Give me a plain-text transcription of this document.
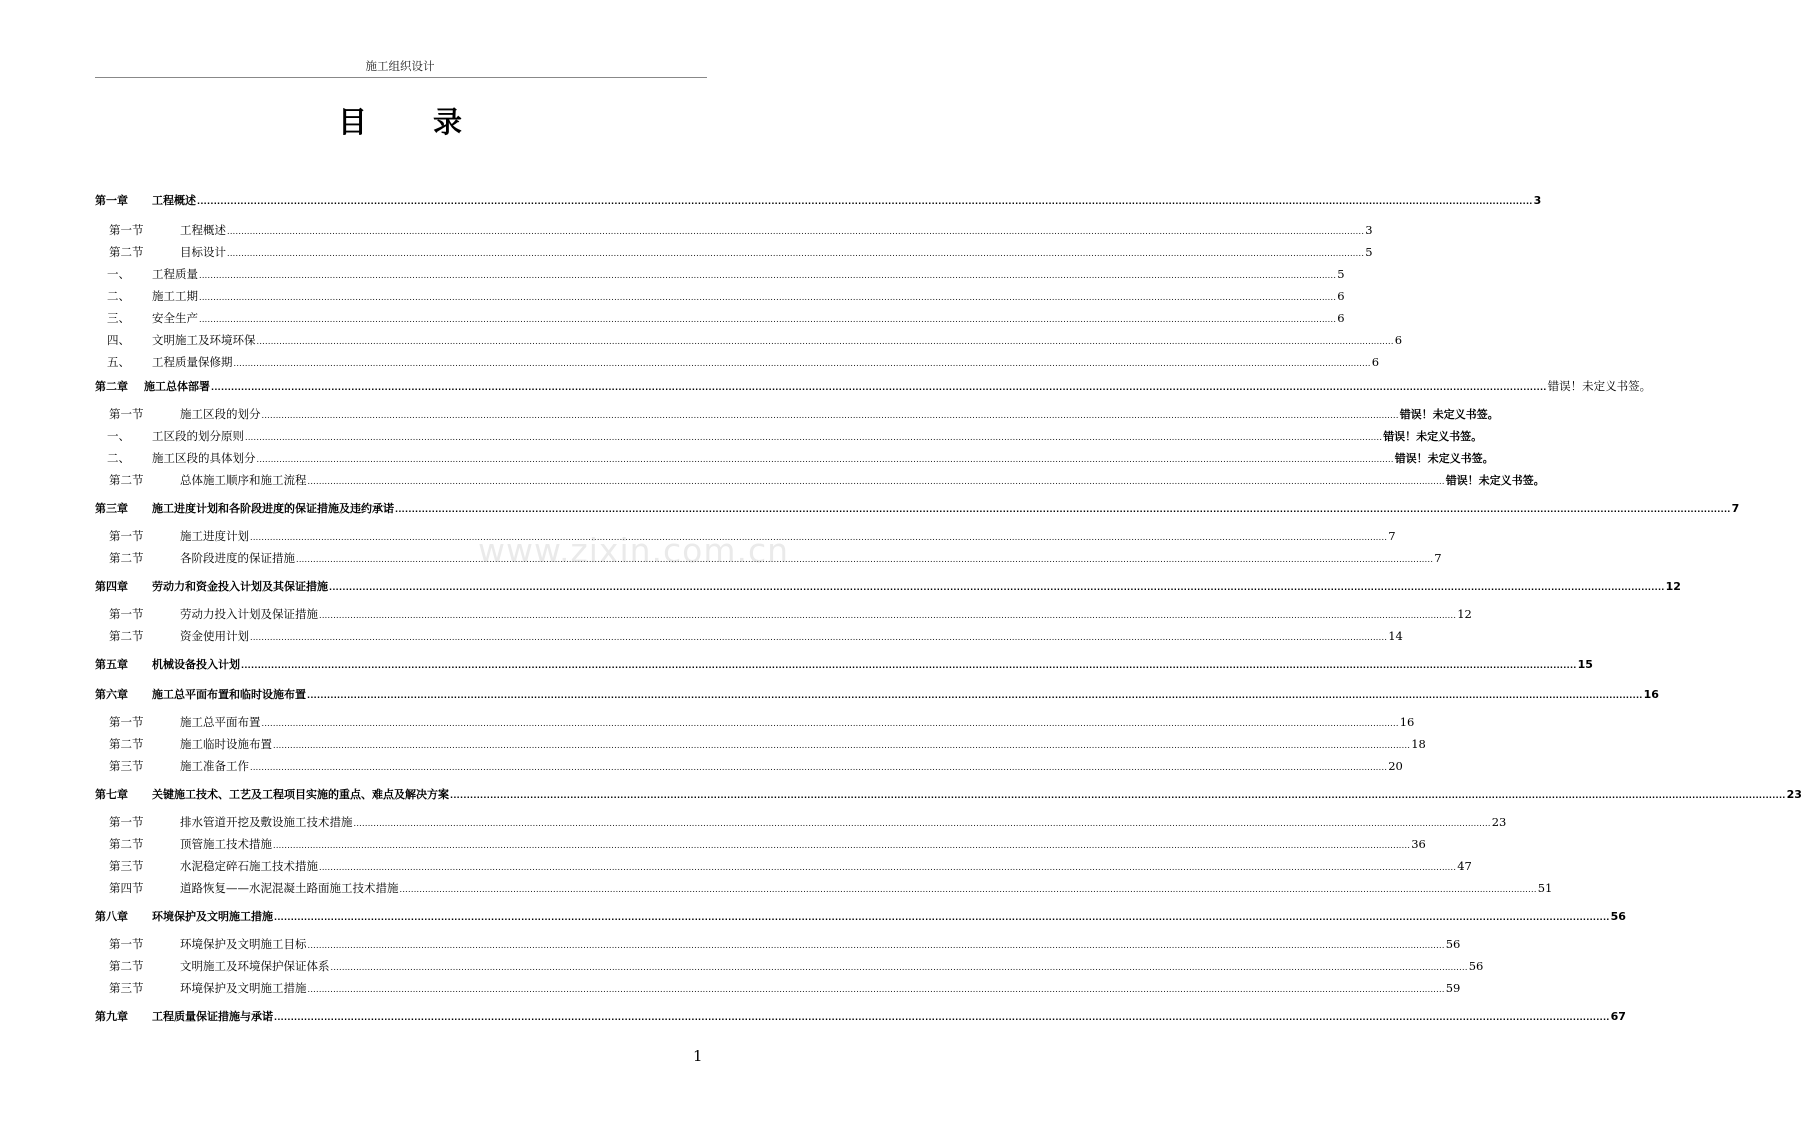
施工组织设计
目 录
第一章	工程概述 ................................................................................................................................................................................................................................................................................................................................................................................................................ 3
第一节	工程概述 ................................................................................................................................................................................................................................................................................................................................................................................................................ 3
第二节	目标设计 ................................................................................................................................................................................................................................................................................................................................................................................................................ 5
一、	工程质量 ................................................................................................................................................................................................................................................................................................................................................................................................................ 5
二、	施工工期 ................................................................................................................................................................................................................................................................................................................................................................................................................ 6
三、	安全生产 ................................................................................................................................................................................................................................................................................................................................................................................................................ 6
四、	文明施工及环境环保 ................................................................................................................................................................................................................................................................................................................................................................................................................ 6
五、	工程质量保修期 ................................................................................................................................................................................................................................................................................................................................................................................................................ 6
第二章	施工总体部署 ................................................................................................................................................................................................................................................................................................................................................................................................................ 错误！未定义书签。
第一节	施工区段的划分 ................................................................................................................................................................................................................................................................................................................................................................................................................ 错误！未定义书签。
一、	工区段的划分原则 ................................................................................................................................................................................................................................................................................................................................................................................................................ 错误！未定义书签。
二、	施工区段的具体划分 ................................................................................................................................................................................................................................................................................................................................................................................................................ 错误！未定义书签。
第二节	总体施工顺序和施工流程 ................................................................................................................................................................................................................................................................................................................................................................................................................ 错误！未定义书签。
第三章	施工进度计划和各阶段进度的保证措施及违约承诺 ................................................................................................................................................................................................................................................................................................................................................................................................................ 7
第一节	施工进度计划 ................................................................................................................................................................................................................................................................................................................................................................................................................ 7
第二节	各阶段进度的保证措施 ................................................................................................................................................................................................................................................................................................................................................................................................................ 7
第四章	劳动力和资金投入计划及其保证措施 ................................................................................................................................................................................................................................................................................................................................................................................................................ 12
第一节	劳动力投入计划及保证措施 ................................................................................................................................................................................................................................................................................................................................................................................................................ 12
第二节	资金使用计划 ................................................................................................................................................................................................................................................................................................................................................................................................................ 14
第五章	机械设备投入计划 ................................................................................................................................................................................................................................................................................................................................................................................................................ 15
第六章	施工总平面布置和临时设施布置 ................................................................................................................................................................................................................................................................................................................................................................................................................ 16
第一节	施工总平面布置 ................................................................................................................................................................................................................................................................................................................................................................................................................ 16
第二节	施工临时设施布置 ................................................................................................................................................................................................................................................................................................................................................................................................................ 18
第三节	施工准备工作 ................................................................................................................................................................................................................................................................................................................................................................................................................ 20
第七章	关键施工技术、工艺及工程项目实施的重点、难点及解决方案 ................................................................................................................................................................................................................................................................................................................................................................................................................ 23
第一节	排水管道开挖及敷设施工技术措施 ................................................................................................................................................................................................................................................................................................................................................................................................................ 23
第二节	顶管施工技术措施 ................................................................................................................................................................................................................................................................................................................................................................................................................ 36
第三节	水泥稳定碎石施工技术措施 ................................................................................................................................................................................................................................................................................................................................................................................................................ 47
第四节	道路恢复——水泥混凝土路面施工技术措施 ................................................................................................................................................................................................................................................................................................................................................................................................................ 51
第八章	环境保护及文明施工措施 ................................................................................................................................................................................................................................................................................................................................................................................................................ 56
第一节	环境保护及文明施工目标 ................................................................................................................................................................................................................................................................................................................................................................................................................ 56
第二节	文明施工及环境保护保证体系 ................................................................................................................................................................................................................................................................................................................................................................................................................ 56
第三节	环境保护及文明施工措施 ................................................................................................................................................................................................................................................................................................................................................................................................................ 59
第九章	工程质量保证措施与承诺 ................................................................................................................................................................................................................................................................................................................................................................................................................ 67
www.zixin.com.cn
1
